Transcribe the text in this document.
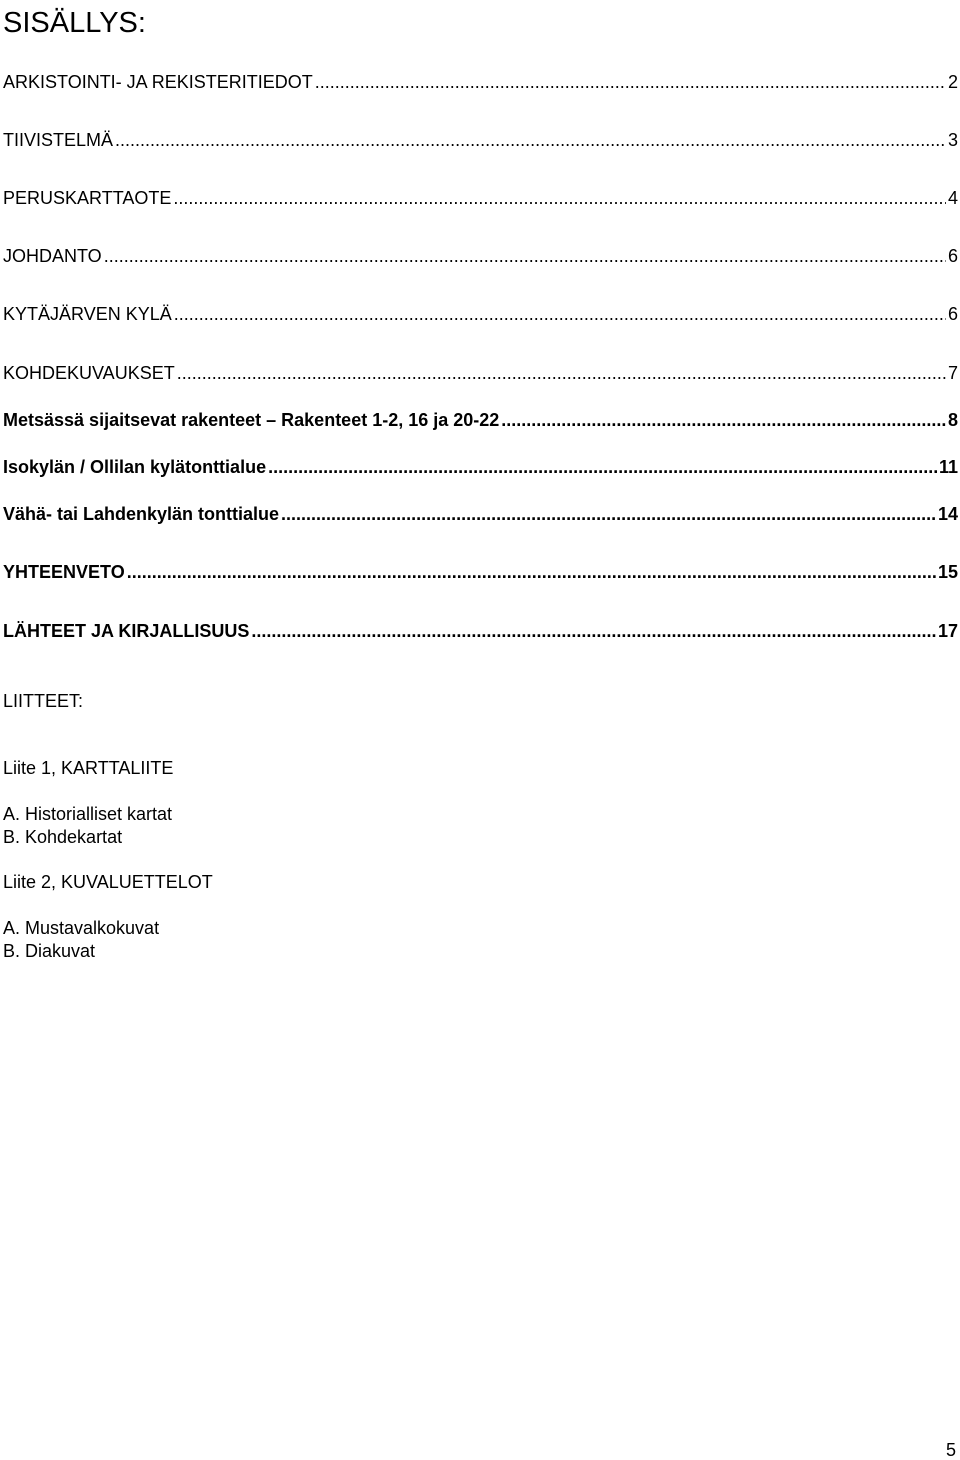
SISÄLLYS:
ARKISTOINTI- JA REKISTERITIEDOT .....	2
TIIVISTELMÄ .....	3
PERUSKARTTAOTE .....	4
JOHDANTO .....	6
KYTÄJÄRVEN KYLÄ .....	6
KOHDEKUVAUKSET .....	7
Metsässä sijaitsevat rakenteet – Rakenteet 1-2, 16 ja 20-22 .....	8
Isokylän / Ollilan kylätonttialue .....	11
Vähä- tai Lahdenkylän tonttialue .....	14
YHTEENVETO .....	15
LÄHTEET JA KIRJALLISUUS .....	17
LIITTEET:
Liite 1, KARTTALIITE
A. Historialliset kartat
B. Kohdekartat
Liite 2, KUVALUETTELOT
A. Mustavalkokuvat
B. Diakuvat
5
